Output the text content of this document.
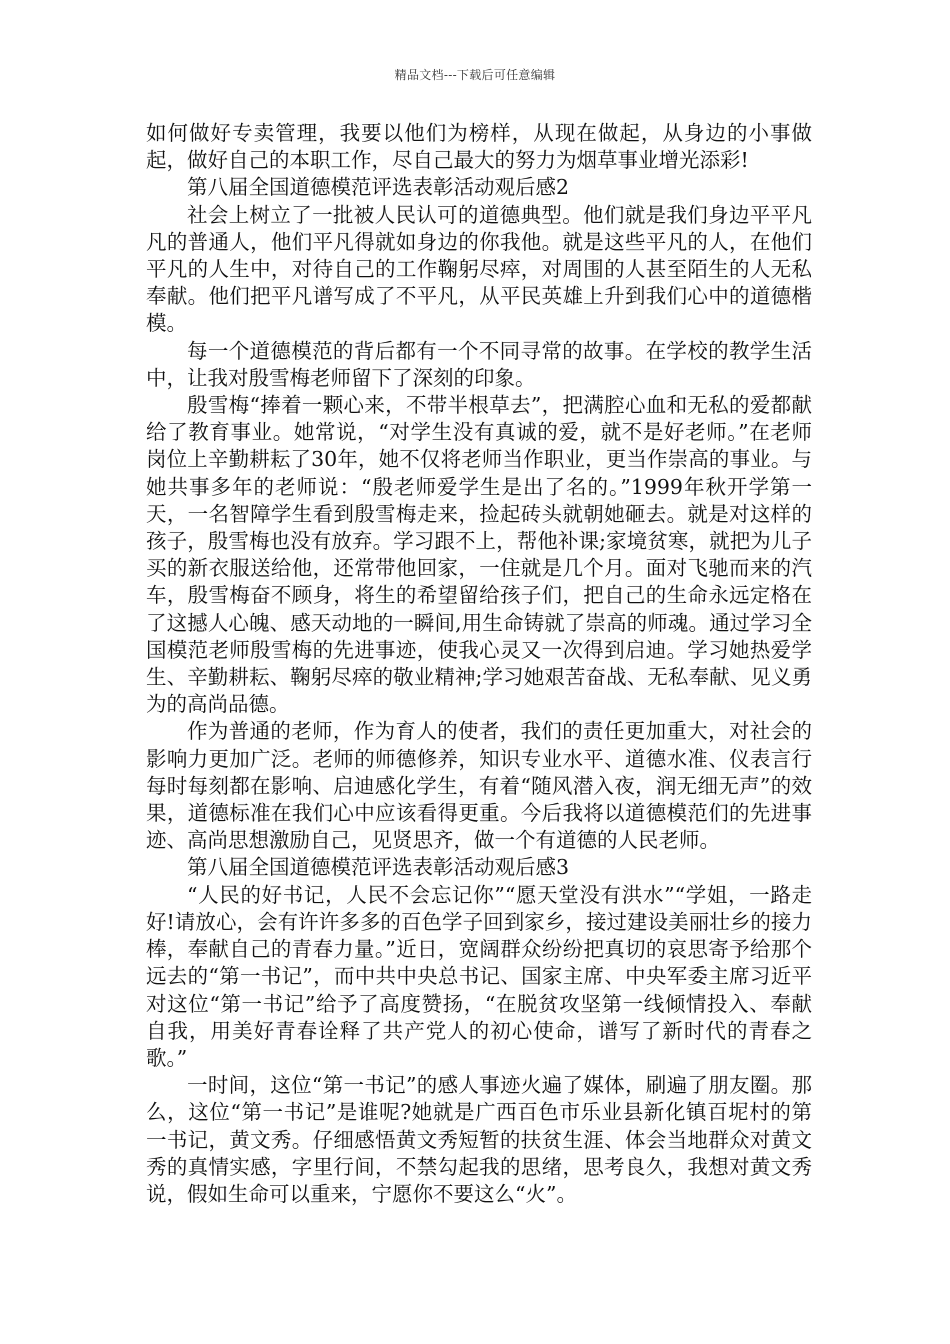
精品文档---下载后可任意编辑

如何做好专卖管理，我要以他们为榜样，从现在做起，从身边的小事做起，做好自己的本职工作，尽自己最大的努力为烟草事业增光添彩!

第八届全国道德模范评选表彰活动观后感2

社会上树立了一批被人民认可的道德典型。他们就是我们身边平平凡凡的普通人，他们平凡得就如身边的你我他。就是这些平凡的人，在他们平凡的人生中，对待自己的工作鞠躬尽瘁，对周围的人甚至陌生的人无私奉献。他们把平凡谱写成了不平凡，从平民英雄上升到我们心中的道德楷模。

每一个道德模范的背后都有一个不同寻常的故事。在学校的教学生活中，让我对殷雪梅老师留下了深刻的印象。

殷雪梅“捧着一颗心来，不带半根草去”，把满腔心血和无私的爱都献给了教育事业。她常说，“对学生没有真诚的爱，就不是好老师。”在老师岗位上辛勤耕耘了30年，她不仅将老师当作职业，更当作崇高的事业。与她共事多年的老师说：“殷老师爱学生是出了名的。”1999年秋开学第一天，一名智障学生看到殷雪梅走来，捡起砖头就朝她砸去。就是对这样的孩子，殷雪梅也没有放弃。学习跟不上，帮他补课;家境贫寒，就把为儿子买的新衣服送给他，还常带他回家，一住就是几个月。面对飞驰而来的汽车，殷雪梅奋不顾身，将生的希望留给孩子们，把自己的生命永远定格在了这撼人心魄、感天动地的一瞬间,用生命铸就了崇高的师魂。通过学习全国模范老师殷雪梅的先进事迹，使我心灵又一次得到启迪。学习她热爱学生、辛勤耕耘、鞠躬尽瘁的敬业精神;学习她艰苦奋战、无私奉献、见义勇为的高尚品德。

作为普通的老师，作为育人的使者，我们的责任更加重大，对社会的影响力更加广泛。老师的师德修养，知识专业水平、道德水准、仪表言行每时每刻都在影响、启迪感化学生，有着“随风潜入夜，润无细无声”的效果，道德标准在我们心中应该看得更重。今后我将以道德模范们的先进事迹、高尚思想激励自己，见贤思齐，做一个有道德的人民老师。

第八届全国道德模范评选表彰活动观后感3

“人民的好书记，人民不会忘记你”“愿天堂没有洪水”“学姐，一路走好!请放心，会有许许多多的百色学子回到家乡，接过建设美丽壮乡的接力棒，奉献自己的青春力量。”近日，宽阔群众纷纷把真切的哀思寄予给那个远去的“第一书记”，而中共中央总书记、国家主席、中央军委主席习近平对这位“第一书记”给予了高度赞扬，“在脱贫攻坚第一线倾情投入、奉献自我，用美好青春诠释了共产党人的初心使命，谱写了新时代的青春之歌。”

一时间，这位“第一书记”的感人事迹火遍了媒体，刷遍了朋友圈。那么，这位“第一书记”是谁呢?她就是广西百色市乐业县新化镇百坭村的第一书记，黄文秀。仔细感悟黄文秀短暂的扶贫生涯、体会当地群众对黄文秀的真情实感，字里行间，不禁勾起我的思绪，思考良久，我想对黄文秀说，假如生命可以重来，宁愿你不要这么“火”。
